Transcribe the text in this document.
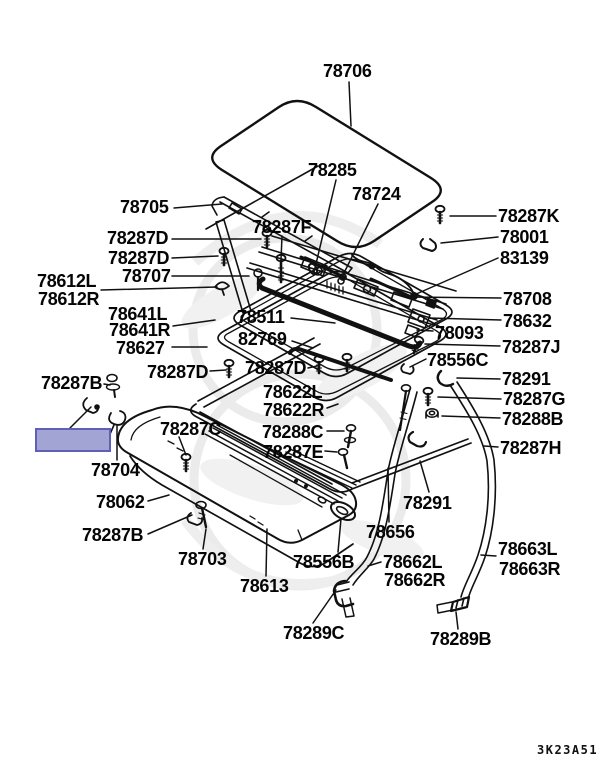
78706
78285
78724
78705
78287F
78287D
78287D
78707
78612L
78612R
78641L
78641R
78627
78511
82769
78287D 78287D
78622L
78622R
78287C 78288C
78287E
78287B
78704
78062
78287B
78703
78613
78556B
78656
78662L
78662R
78663L
78663R
78289C	78289B
78291
78291
78287G
78288B
78287H
78287K
78001
83139
78708
78632
78093
78287J
78556C
3K23A51
